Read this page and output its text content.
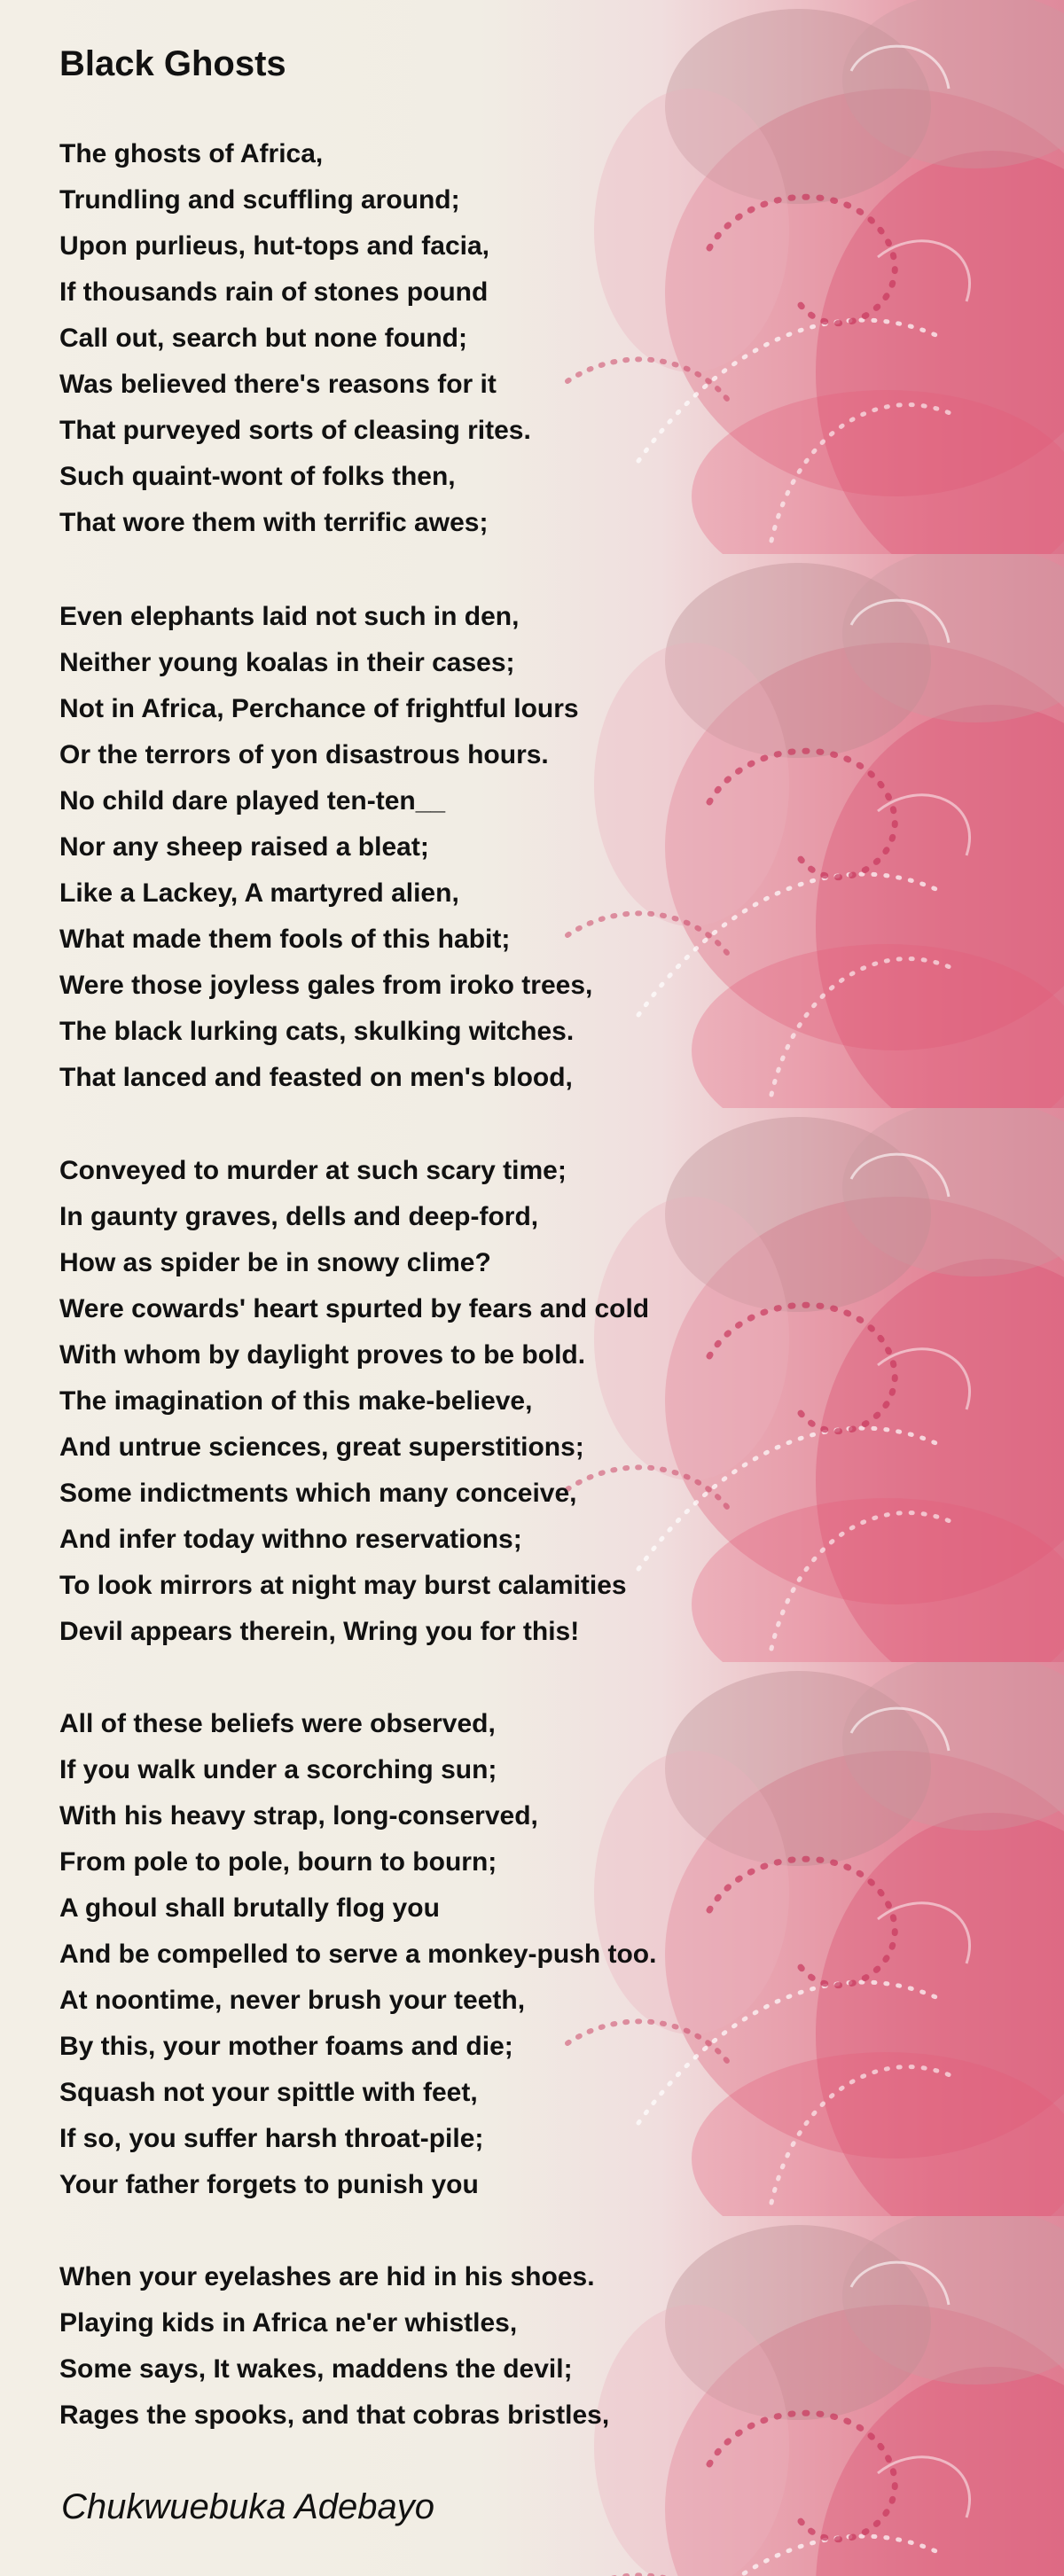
Black Ghosts
The ghosts of Africa,
Trundling and scuffling around;
Upon purlieus, hut-tops and facia,
If thousands rain of stones pound
Call out, search but none found;
Was believed there's reasons for it
That purveyed sorts of cleasing rites.
Such quaint-wont of folks then,
That wore them with terrific awes;
Even elephants laid not such in den,
Neither young koalas in their cases;
Not in Africa, Perchance of frightful lours
Or the terrors of yon disastrous hours.
No child dare played ten-ten__
Nor any sheep raised a bleat;
Like a Lackey, A martyred alien,
What made them fools of this habit;
Were those joyless gales from iroko trees,
The black lurking cats, skulking witches.
That lanced and feasted on men's blood,
Conveyed to murder at such scary time;
In gaunty graves, dells and deep-ford,
How as spider be in snowy clime?
Were cowards' heart spurted by fears and cold
With whom by daylight proves to be bold.
The imagination of this make-believe,
And untrue sciences, great superstitions;
Some indictments which many conceive,
And infer today withno reservations;
To look mirrors at night may burst calamities
Devil appears therein, Wring you for this!
All of these beliefs were observed,
If you walk under a scorching sun;
With his heavy strap, long-conserved,
From pole to pole, bourn to bourn;
A ghoul shall brutally flog you
And be compelled to serve a monkey-push too.
At noontime, never brush your teeth,
By this, your mother foams and die;
Squash not your spittle with feet,
If so, you suffer harsh throat-pile;
Your father forgets to punish you
When your eyelashes are hid in his shoes.
Playing kids in Africa ne'er whistles,
Some says, It wakes, maddens the devil;
Rages the spooks, and that cobras bristles,
Chukwuebuka Adebayo
